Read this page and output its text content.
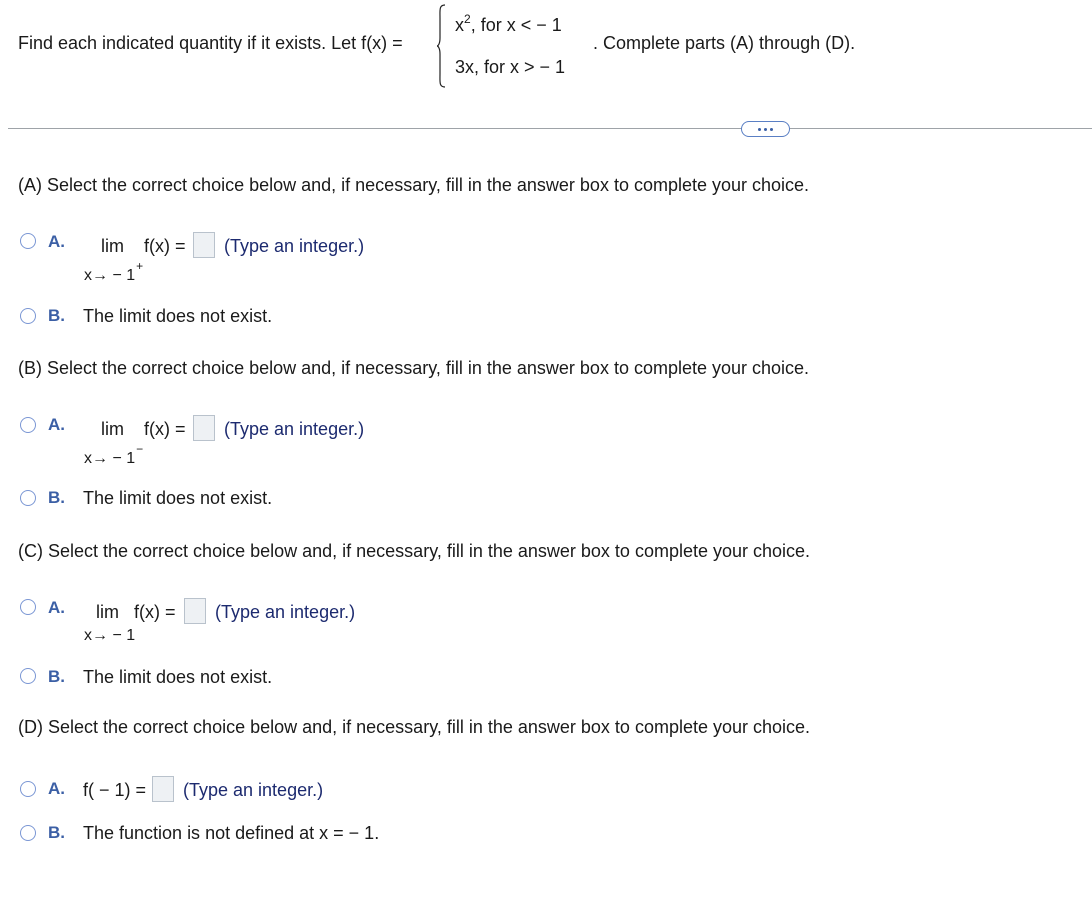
Find each indicated quantity if it exists. Let f(x) =
$x^2$, for x < − 1
3x, for x > − 1
. Complete parts (A) through (D).
(A) Select the correct choice below and, if necessary, fill in the answer box to complete your choice.
A. lim f(x) = (Type an integer.)
x→ − 1+
B. The limit does not exist.
(B) Select the correct choice below and, if necessary, fill in the answer box to complete your choice.
A. lim f(x) = (Type an integer.)
x→ − 1−
B. The limit does not exist.
(C) Select the correct choice below and, if necessary, fill in the answer box to complete your choice.
A. lim f(x) = (Type an integer.)
x→ − 1
B. The limit does not exist.
(D) Select the correct choice below and, if necessary, fill in the answer box to complete your choice.
A. f( − 1) = (Type an integer.)
B. The function is not defined at x = − 1.
